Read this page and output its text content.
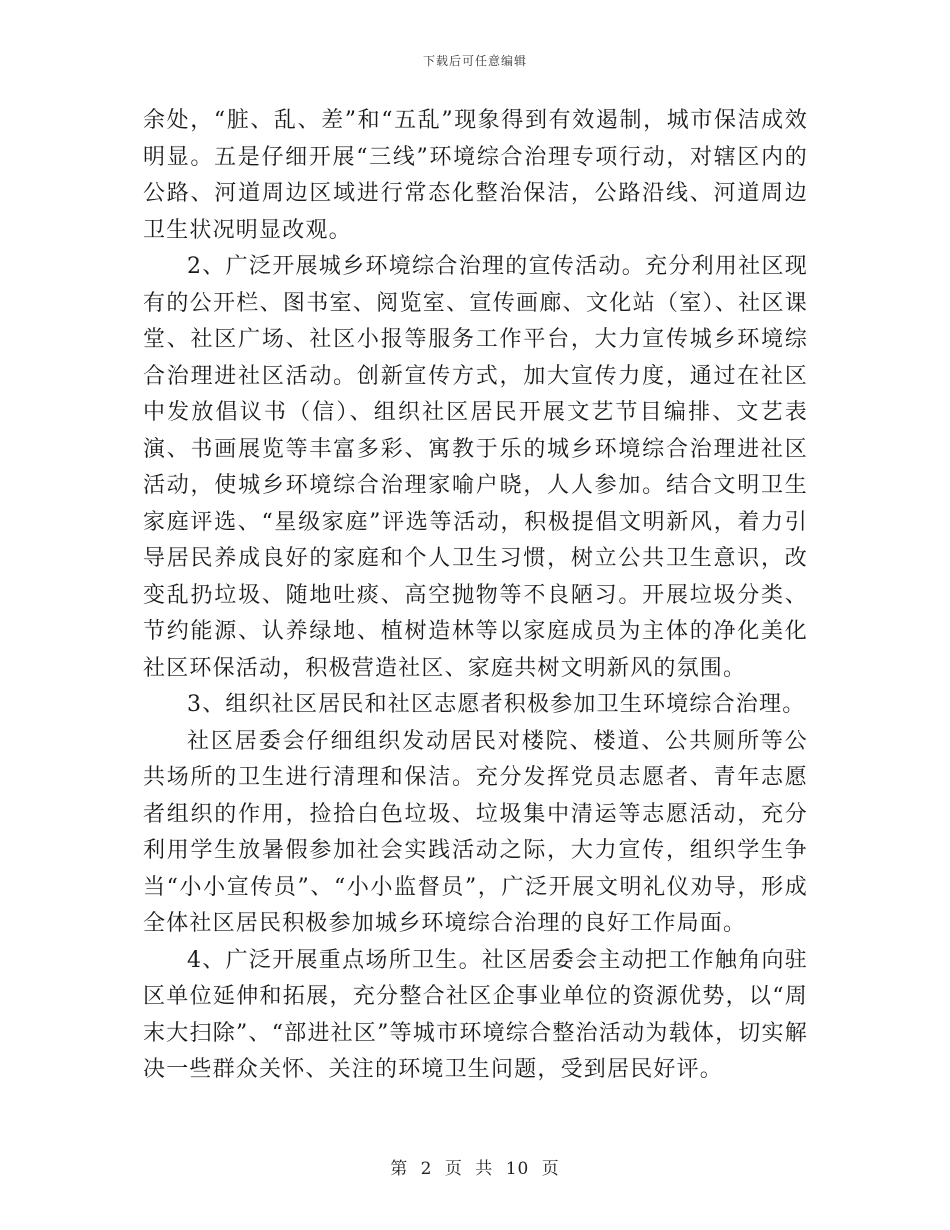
下载后可任意编辑

余处，“脏、乱、差”和“五乱”现象得到有效遏制，城市保洁成效明显。五是仔细开展“三线”环境综合治理专项行动，对辖区内的公路、河道周边区域进行常态化整治保洁，公路沿线、河道周边卫生状况明显改观。

2、广泛开展城乡环境综合治理的宣传活动。充分利用社区现有的公开栏、图书室、阅览室、宣传画廊、文化站（室）、社区课堂、社区广场、社区小报等服务工作平台，大力宣传城乡环境综合治理进社区活动。创新宣传方式，加大宣传力度，通过在社区中发放倡议书（信）、组织社区居民开展文艺节目编排、文艺表演、书画展览等丰富多彩、寓教于乐的城乡环境综合治理进社区活动，使城乡环境综合治理家喻户晓，人人参加。结合文明卫生家庭评选、“星级家庭”评选等活动，积极提倡文明新风，着力引导居民养成良好的家庭和个人卫生习惯，树立公共卫生意识，改变乱扔垃圾、随地吐痰、高空抛物等不良陋习。开展垃圾分类、节约能源、认养绿地、植树造林等以家庭成员为主体的净化美化社区环保活动，积极营造社区、家庭共树文明新风的氛围。

3、组织社区居民和社区志愿者积极参加卫生环境综合治理。

社区居委会仔细组织发动居民对楼院、楼道、公共厕所等公共场所的卫生进行清理和保洁。充分发挥党员志愿者、青年志愿者组织的作用，捡拾白色垃圾、垃圾集中清运等志愿活动，充分利用学生放暑假参加社会实践活动之际，大力宣传，组织学生争当“小小宣传员”、“小小监督员”，广泛开展文明礼仪劝导，形成全体社区居民积极参加城乡环境综合治理的良好工作局面。

4、广泛开展重点场所卫生。社区居委会主动把工作触角向驻区单位延伸和拓展，充分整合社区企事业单位的资源优势，以“周末大扫除”、“部进社区”等城市环境综合整治活动为载体，切实解决一些群众关怀、关注的环境卫生问题，受到居民好评。

第 2 页 共 10 页
